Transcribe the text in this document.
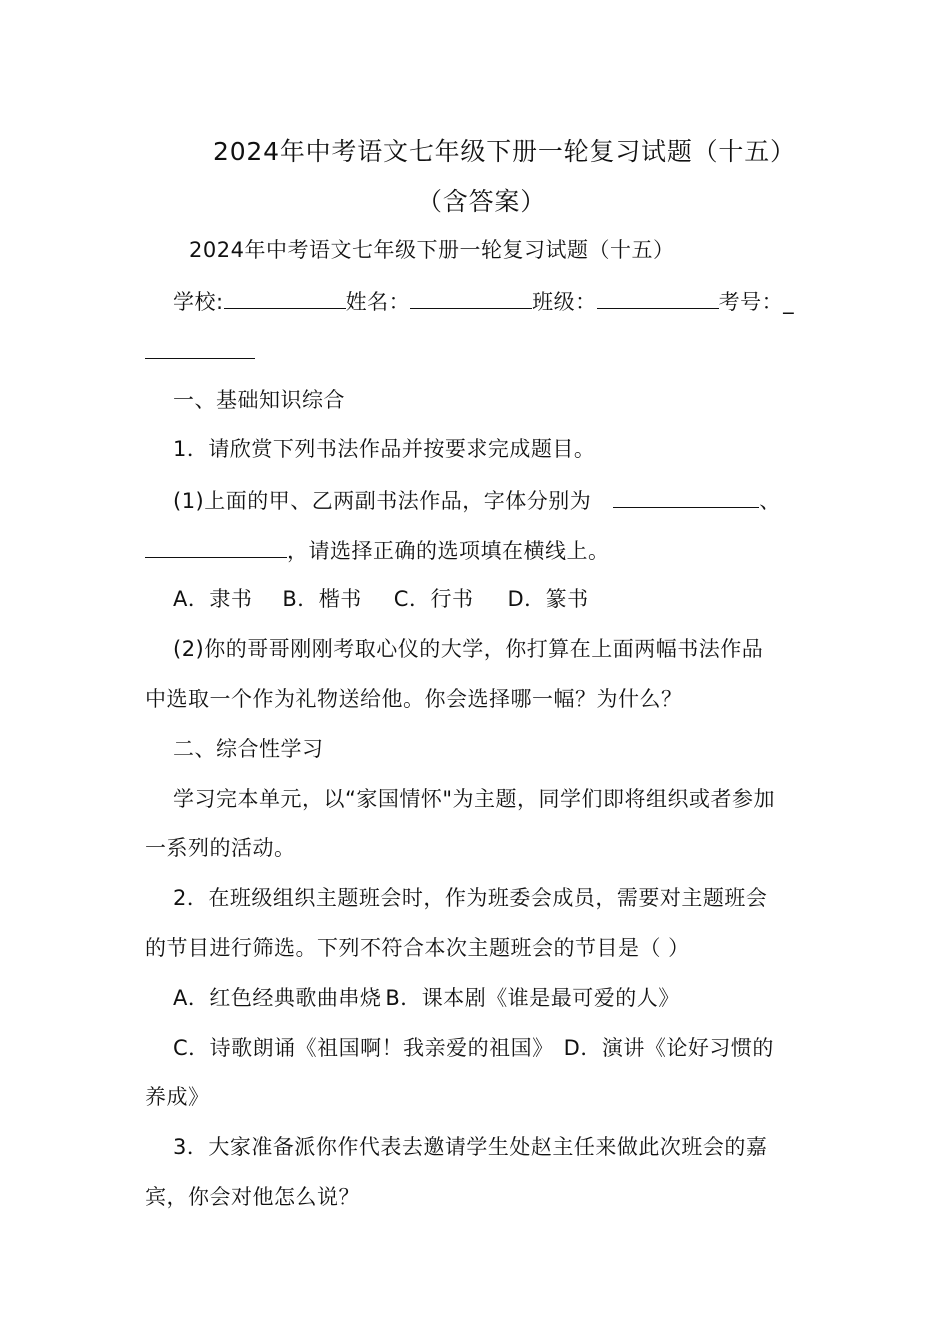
2024年中考语文七年级下册一轮复习试题（十五）
（含答案）
2024年中考语文七年级下册一轮复习试题（十五）
学校:	姓名：	班级：	考号：_
一、基础知识综合
1．请欣赏下列书法作品并按要求完成题目。
(1)上面的甲、乙两副书法作品，字体分别为	、
，请选择正确的选项填在横线上。
A．隶书 B．楷书 C．行书 D．篆书
(2)你的哥哥刚刚考取心仪的大学，你打算在上面两幅书法作品
中选取一个作为礼物送给他。你会选择哪一幅？为什么？
二、综合性学习
学习完本单元，以“家国情怀"为主题，同学们即将组织或者参加
一系列的活动。
2．在班级组织主题班会时，作为班委会成员，需要对主题班会
的节目进行筛选。下列不符合本次主题班会的节目是（ ）
A．红色经典歌曲串烧 B．课本剧《谁是最可爱的人》
C．诗歌朗诵《祖国啊！我亲爱的祖国》 D．演讲《论好习惯的
养成》
3．大家准备派你作代表去邀请学生处赵主任来做此次班会的嘉
宾，你会对他怎么说？
